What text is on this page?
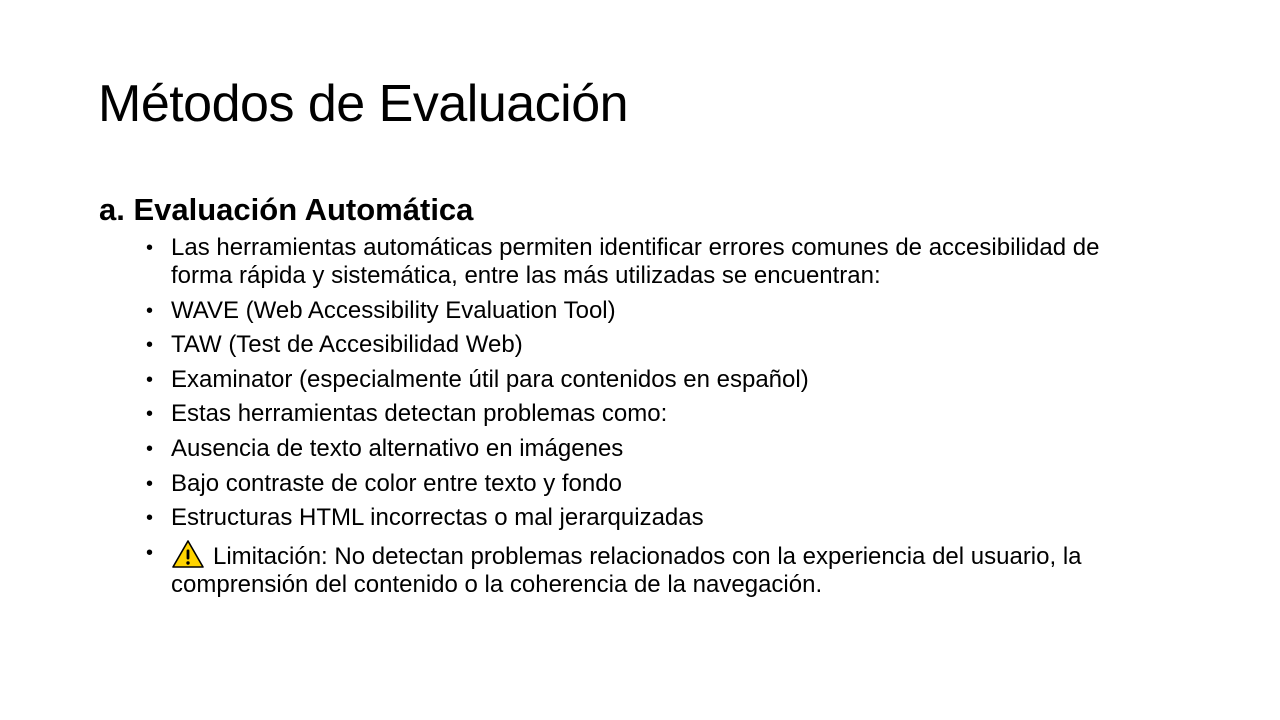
Métodos de Evaluación
a. Evaluación Automática
• Las herramientas automáticas permiten identificar errores comunes de accesibilidad de forma rápida y sistemática, entre las más utilizadas se encuentran:
• WAVE (Web Accessibility Evaluation Tool)
• TAW (Test de Accesibilidad Web)
• Examinator (especialmente útil para contenidos en español)
• Estas herramientas detectan problemas como:
• Ausencia de texto alternativo en imágenes
• Bajo contraste de color entre texto y fondo
• Estructuras HTML incorrectas o mal jerarquizadas
• Limitación: No detectan problemas relacionados con la experiencia del usuario, la comprensión del contenido o la coherencia de la navegación.
